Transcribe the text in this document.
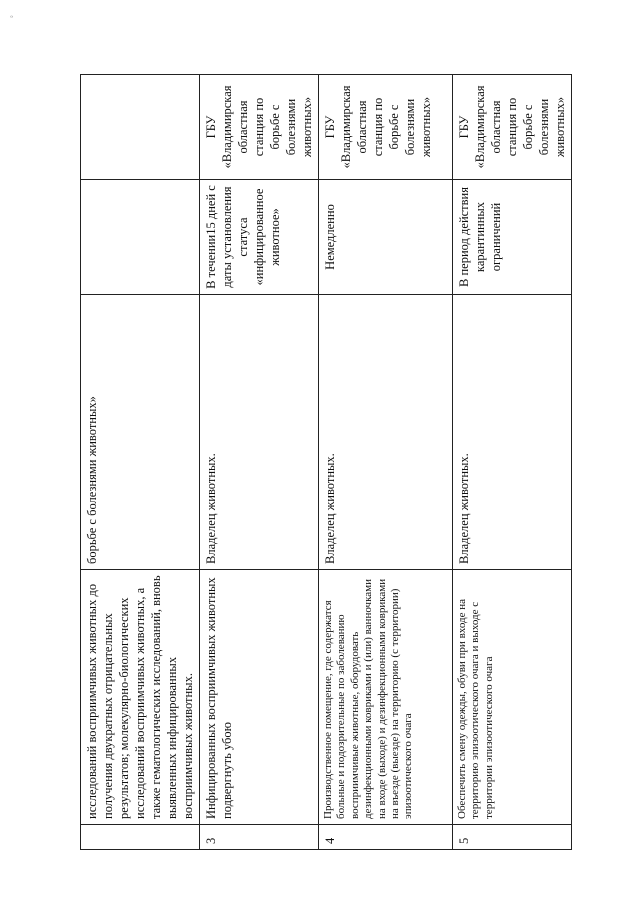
՞
	исследований восприимчивых животных до получения двукратных отрицательных результатов; молекулярно-биологических исследований восприимчивых животных, а также гематологических исследований, вновь выявленных инфицированных восприимчивых животных.	борьбе с болезнями животных»		
3	Инфицированных восприимчивых животных подвергнуть убою	Владелец животных.	В течении15 дней с даты установления статуса «инфицированное животное»	ГБУ «Владимирская областная станция по борьбе с болезнями животных»
4	Производственное помещение, где содержатся больные и подозрительные по заболеванию восприимчивые животные, оборудовать дезинфекционными ковриками и (или) ванночками на входе (выходе) и дезинфекционными ковриками на въезде (выезде) на территорию (с территории) эпизоотического очага	Владелец животных.	Немедленно	ГБУ «Владимирская областная станция по борьбе с болезнями животных»
5	Обеспечить смену одежды, обуви при входе на территорию эпизоотического очага и выходе с территории эпизоотического очага	Владелец животных.	В период действия карантинных ограничений	ГБУ «Владимирская областная станция по борьбе с болезнями животных»
